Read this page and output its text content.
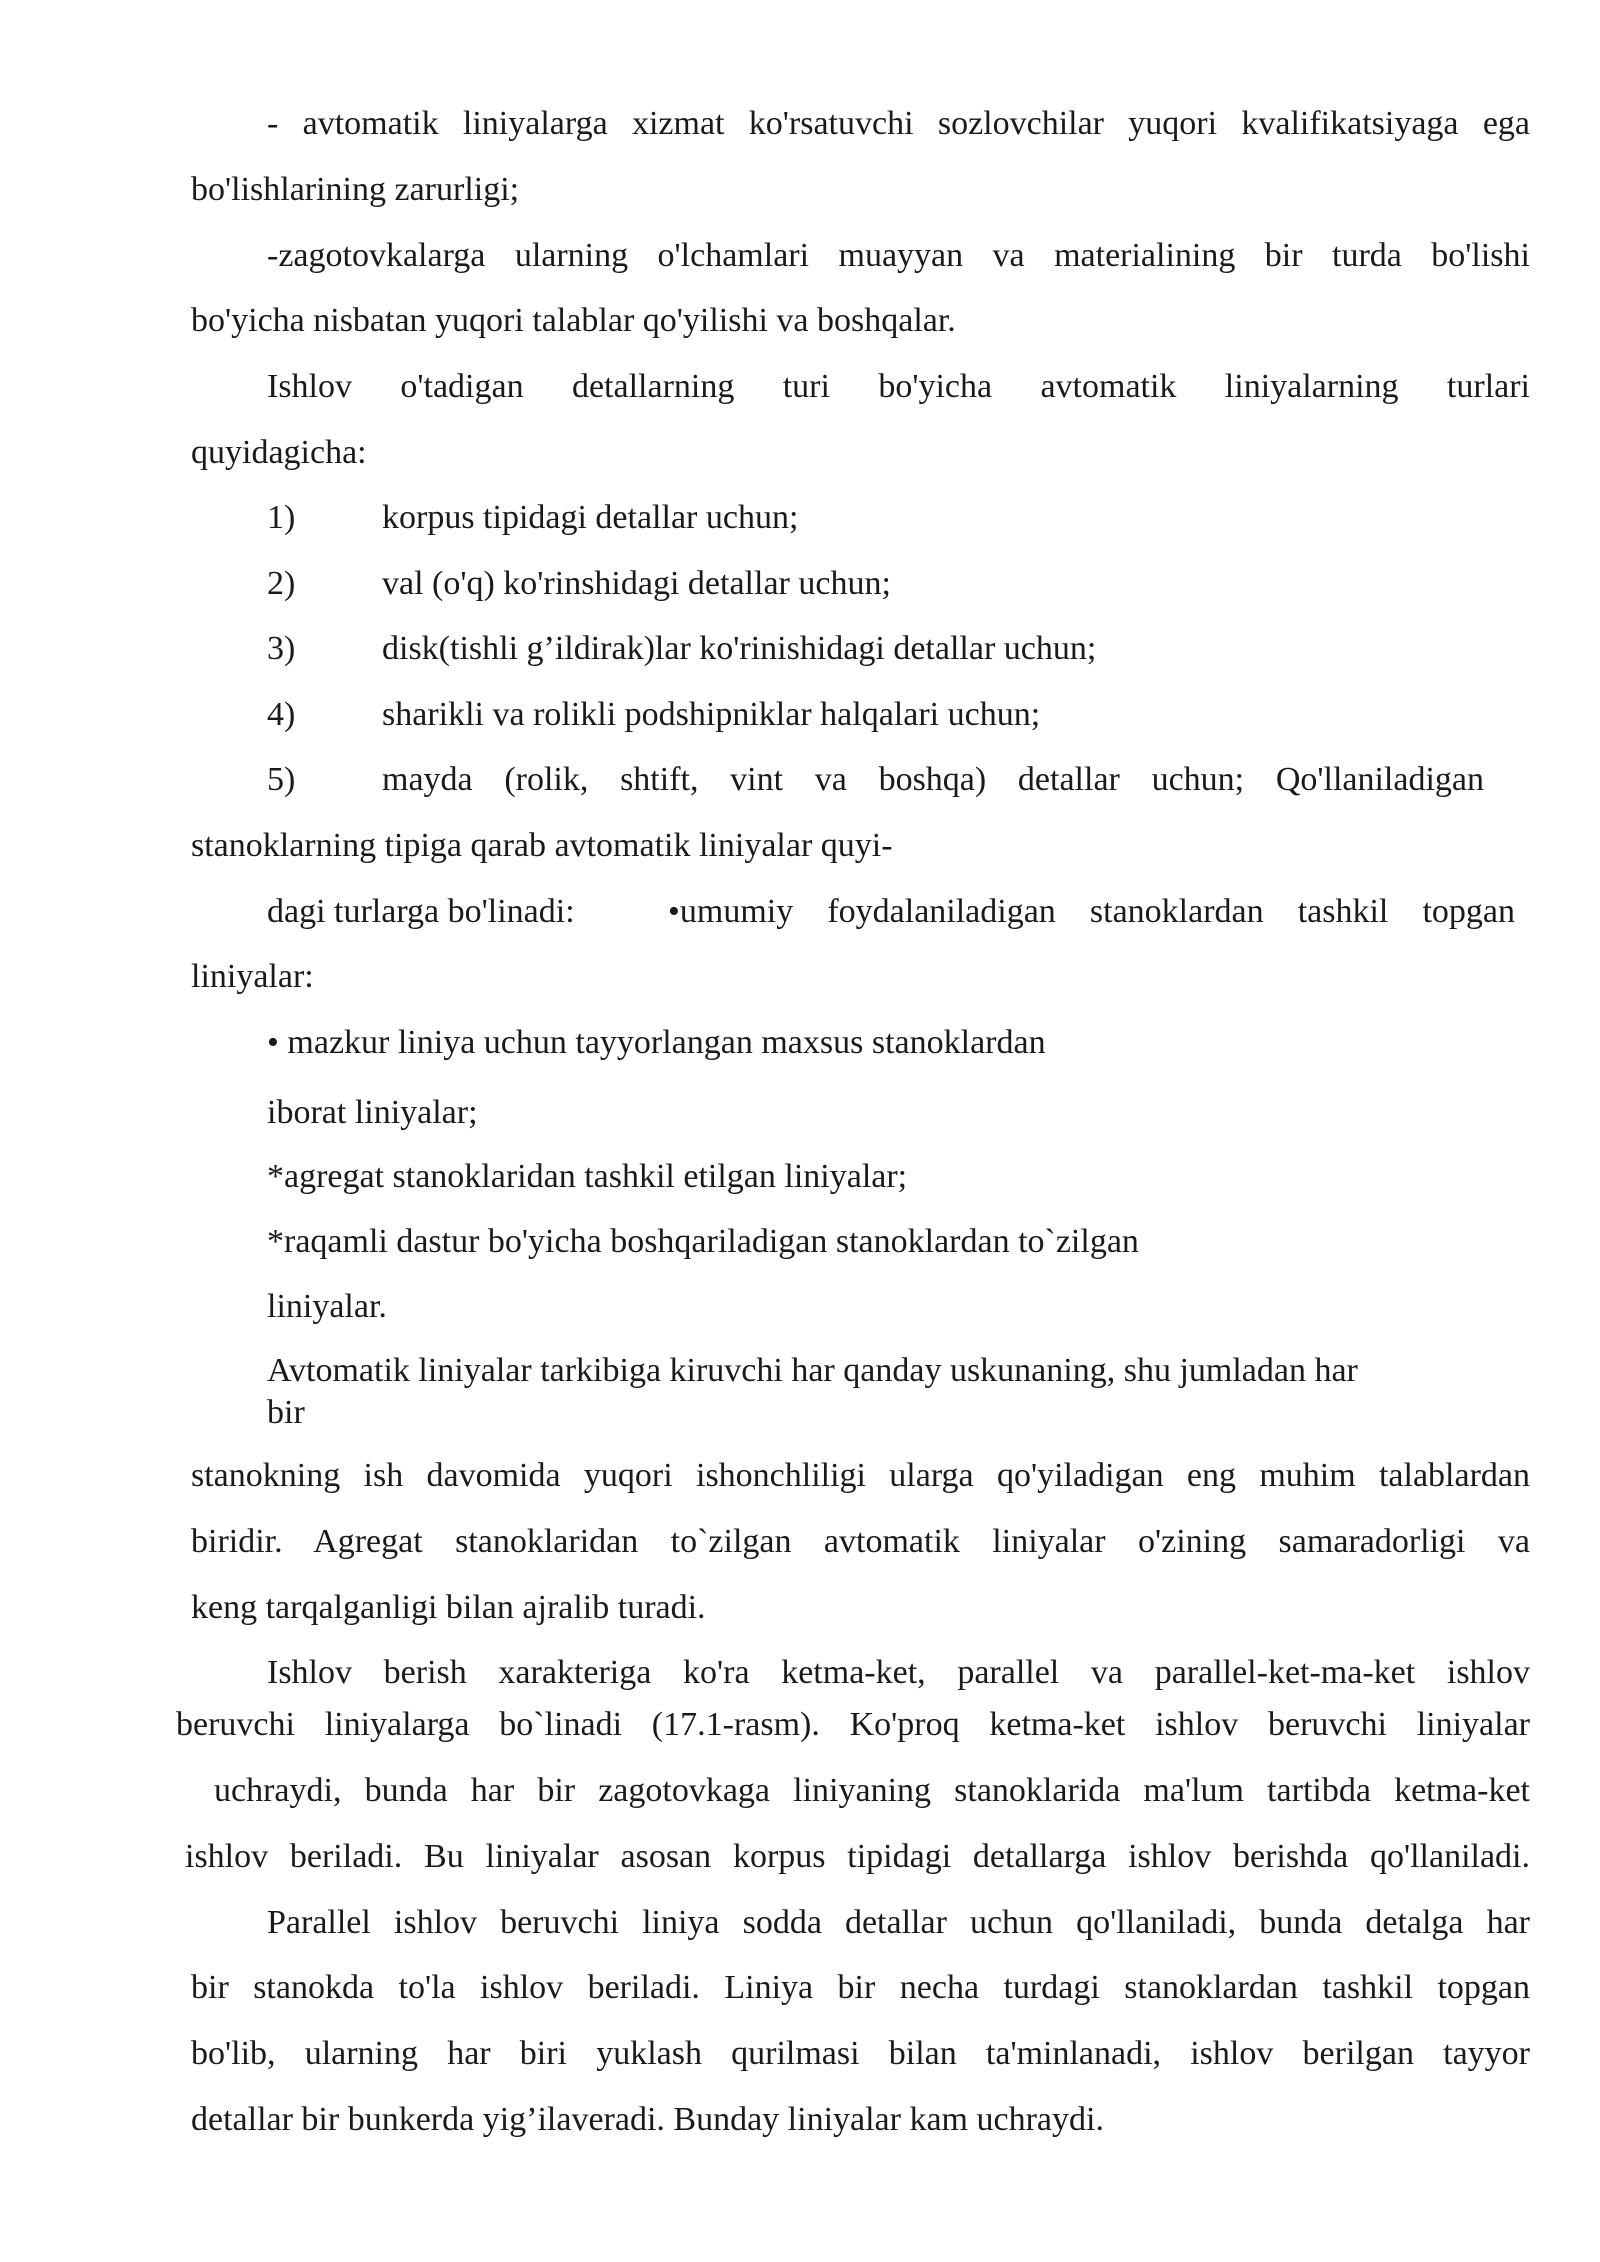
- avtomatik liniyalarga xizmat ko'rsatuvchi sozlovchilar yuqori kvalifikatsiyaga ega
bo'lishlarining zarurligi;
-zagotovkalarga ularning o'lchamlari muayyan va materialining bir turda bo'lishi
bo'yicha nisbatan yuqori talablar qo'yilishi va boshqalar.
Ishlov o'tadigan detallarning turi bo'yicha avtomatik liniyalarning turlari
quyidagicha:
1)	korpus tipidagi detallar uchun;
2)	val (o'q) ko'rinshidagi detallar uchun;
3)	disk(tishli g’ildirak)lar ko'rinishidagi detallar uchun;
4)	sharikli va rolikli podshipniklar halqalari uchun;
5)	mayda (rolik, shtift, vint va boshqa) detallar uchun; Qo'llaniladigan
stanoklarning tipiga qarab avtomatik liniyalar quyi-
dagi turlarga bo'linadi:	•umumiy foydalaniladigan stanoklardan tashkil topgan
liniyalar:
• mazkur liniya uchun tayyorlangan maxsus stanoklardan
iborat liniyalar;
*agregat stanoklaridan tashkil etilgan liniyalar;
*raqamli dastur bo'yicha boshqariladigan stanoklardan to`zilgan
liniyalar.
Avtomatik liniyalar tarkibiga kiruvchi har qanday uskunaning, shu jumladan har
bir
stanokning ish davomida yuqori ishonchliligi ularga qo'yiladigan eng muhim talablardan
biridir. Agregat stanoklaridan to`zilgan avtomatik liniyalar o'zining samaradorligi va
keng tarqalganligi bilan ajralib turadi.
Ishlov berish xarakteriga ko'ra ketma-ket, parallel va parallel-ket-ma-ket ishlov
beruvchi liniyalarga bo`linadi (17.1-rasm). Ko'proq ketma-ket ishlov beruvchi liniyalar
uchraydi, bunda har bir zagotovkaga liniyaning stanoklarida ma'lum tartibda ketma-ket
ishlov beriladi. Bu liniyalar asosan korpus tipidagi detallarga ishlov berishda qo'llaniladi.
Parallel ishlov beruvchi liniya sodda detallar uchun qo'llaniladi, bunda detalga har
bir stanokda to'la ishlov beriladi. Liniya bir necha turdagi stanoklardan tashkil topgan
bo'lib, ularning har biri yuklash qurilmasi bilan ta'minlanadi, ishlov berilgan tayyor
detallar bir bunkerda yig’ilaveradi. Bunday liniyalar kam uchraydi.
